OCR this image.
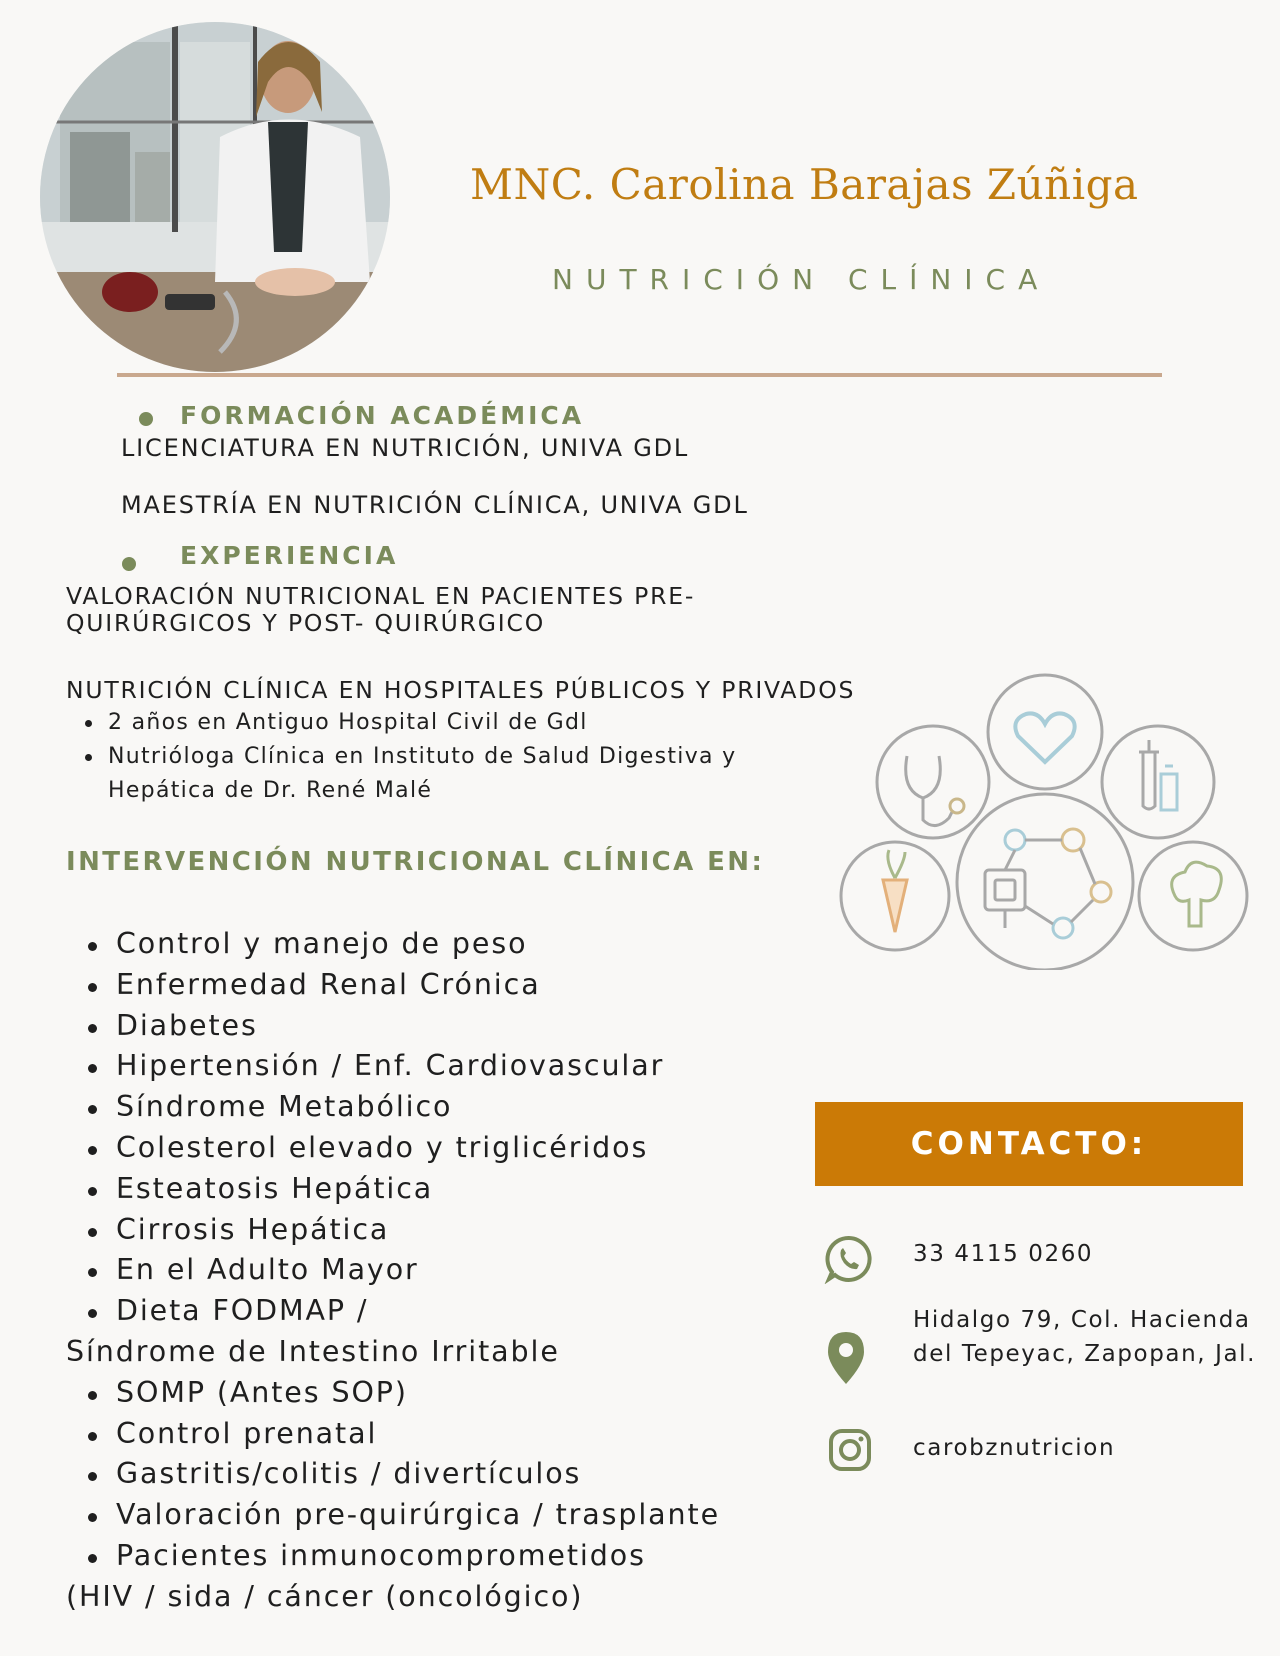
MNC. Carolina Barajas Zúñiga
NUTRICIÓN CLÍNICA
FORMACIÓN ACADÉMICA
LICENCIATURA EN NUTRICIÓN, UNIVA GDL
MAESTRÍA EN NUTRICIÓN CLÍNICA, UNIVA GDL
EXPERIENCIA
VALORACIÓN NUTRICIONAL EN PACIENTES PRE-
QUIRÚRGICOS Y POST- QUIRÚRGICO
NUTRICIÓN CLÍNICA EN HOSPITALES PÚBLICOS Y PRIVADOS
2 años en Antiguo Hospital Civil de Gdl
Nutrióloga Clínica en Instituto de Salud Digestiva y Hepática de Dr. René Malé
INTERVENCIÓN NUTRICIONAL CLÍNICA EN:
Control y manejo de peso
Enfermedad Renal Crónica
Diabetes
Hipertensión / Enf. Cardiovascular
Síndrome Metabólico
Colesterol elevado y triglicéridos
Esteatosis Hepática
Cirrosis Hepática
En el Adulto Mayor
Dieta FODMAP /
Síndrome de Intestino Irritable
SOMP (Antes SOP)
Control prenatal
Gastritis/colitis / divertículos
Valoración pre-quirúrgica / trasplante
Pacientes inmunocomprometidos
(HIV / sida / cáncer (oncológico)
CONTACTO:
33 4115 0260
Hidalgo 79, Col. Hacienda del Tepeyac, Zapopan, Jal.
carobznutricion
